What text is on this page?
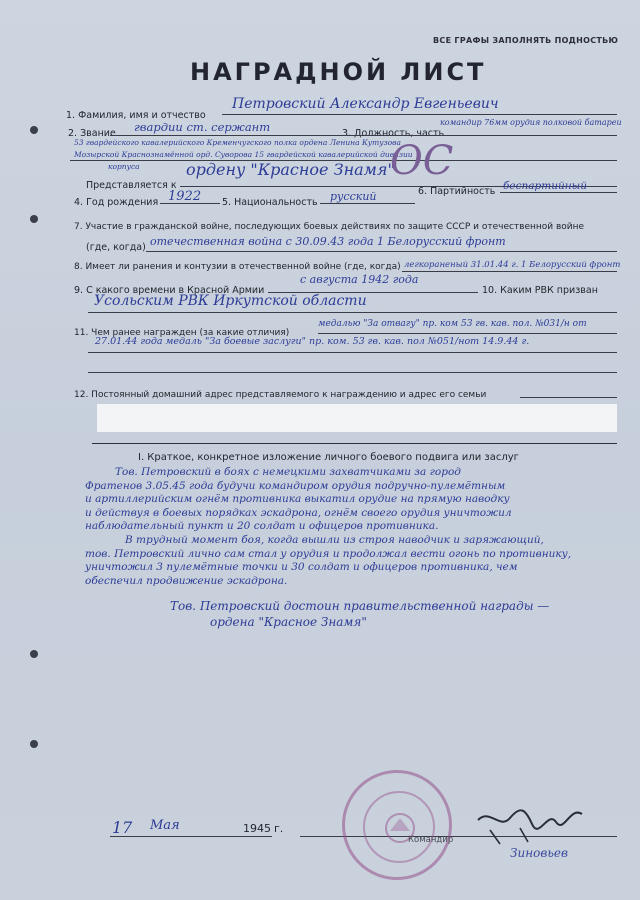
ВСЕ ГРАФЫ ЗАПОЛНЯТЬ ПОДНОСТЬЮ
НАГРАДНОЙ ЛИСТ
1. Фамилия, имя и отчество
Петровский Александр Евгеньевич
2. Звание гвардии ст. сержант	3. Должность, часть
командир 76мм орудия полковой батареи
53 гвардейского кавалерийского Кременчугского полка ордена Ленина Кутузова
Мозырской Краснознамённой орд. Суворова 15 гвардейской кавалерийской дивизии
корпуса
Представляется к
ордену "Красное Знамя"
ОС
4. Год рождения 1922 5. Национальность русский	6. Партийность беспартийный
7. Участие в гражданской войне, последующих боевых действиях по защите СССР и отечественной войне
(где, когда) отечественная война с 30.09.43 года 1 Белорусский фронт
8. Имеет ли ранения и контузии в отечественной войне (где, когда) легкораненый 31.01.44 г. 1 Белорусский фронт
9. С какого времени в Красной Армии
с августа 1942 года
10. Каким РВК призван
Усольским РВК Иркутской области
11. Чем ранее награжден (за какие отличия)
медалью "За отвагу" пр. ком 53 гв. кав. пол. №031/н от
27.01.44 года медаль "За боевые заслуги" пр. ком. 53 гв. кав. пол №051/нот 14.9.44 г.
12. Постоянный домашний адрес представляемого к награждению и адрес его семьи
I. Краткое, конкретное изложение личного боевого подвига или заслуг
Тов. Петровский в боях с немецкими захватчиками за город
Фратенов 3.05.45 года будучи командиром орудия подручно-пулемётным
и артиллерийским огнём противника выкатил орудие на прямую наводку
и действуя в боевых порядках эскадрона, огнём своего орудия уничтожил
наблюдательный пункт и 20 солдат и офицеров противника.
В трудный момент боя, когда вышли из строя наводчик и заряжающий,
тов. Петровский лично сам стал у орудия и продолжал вести огонь по противнику,
уничтожил 3 пулемётные точки и 30 солдат и офицеров противника, чем
обеспечил продвижение эскадрона.
Тов. Петровский достоин правительственной награды —
ордена "Красное Знамя"
17 Мая	1945 г.
Командир
Зиновьев
